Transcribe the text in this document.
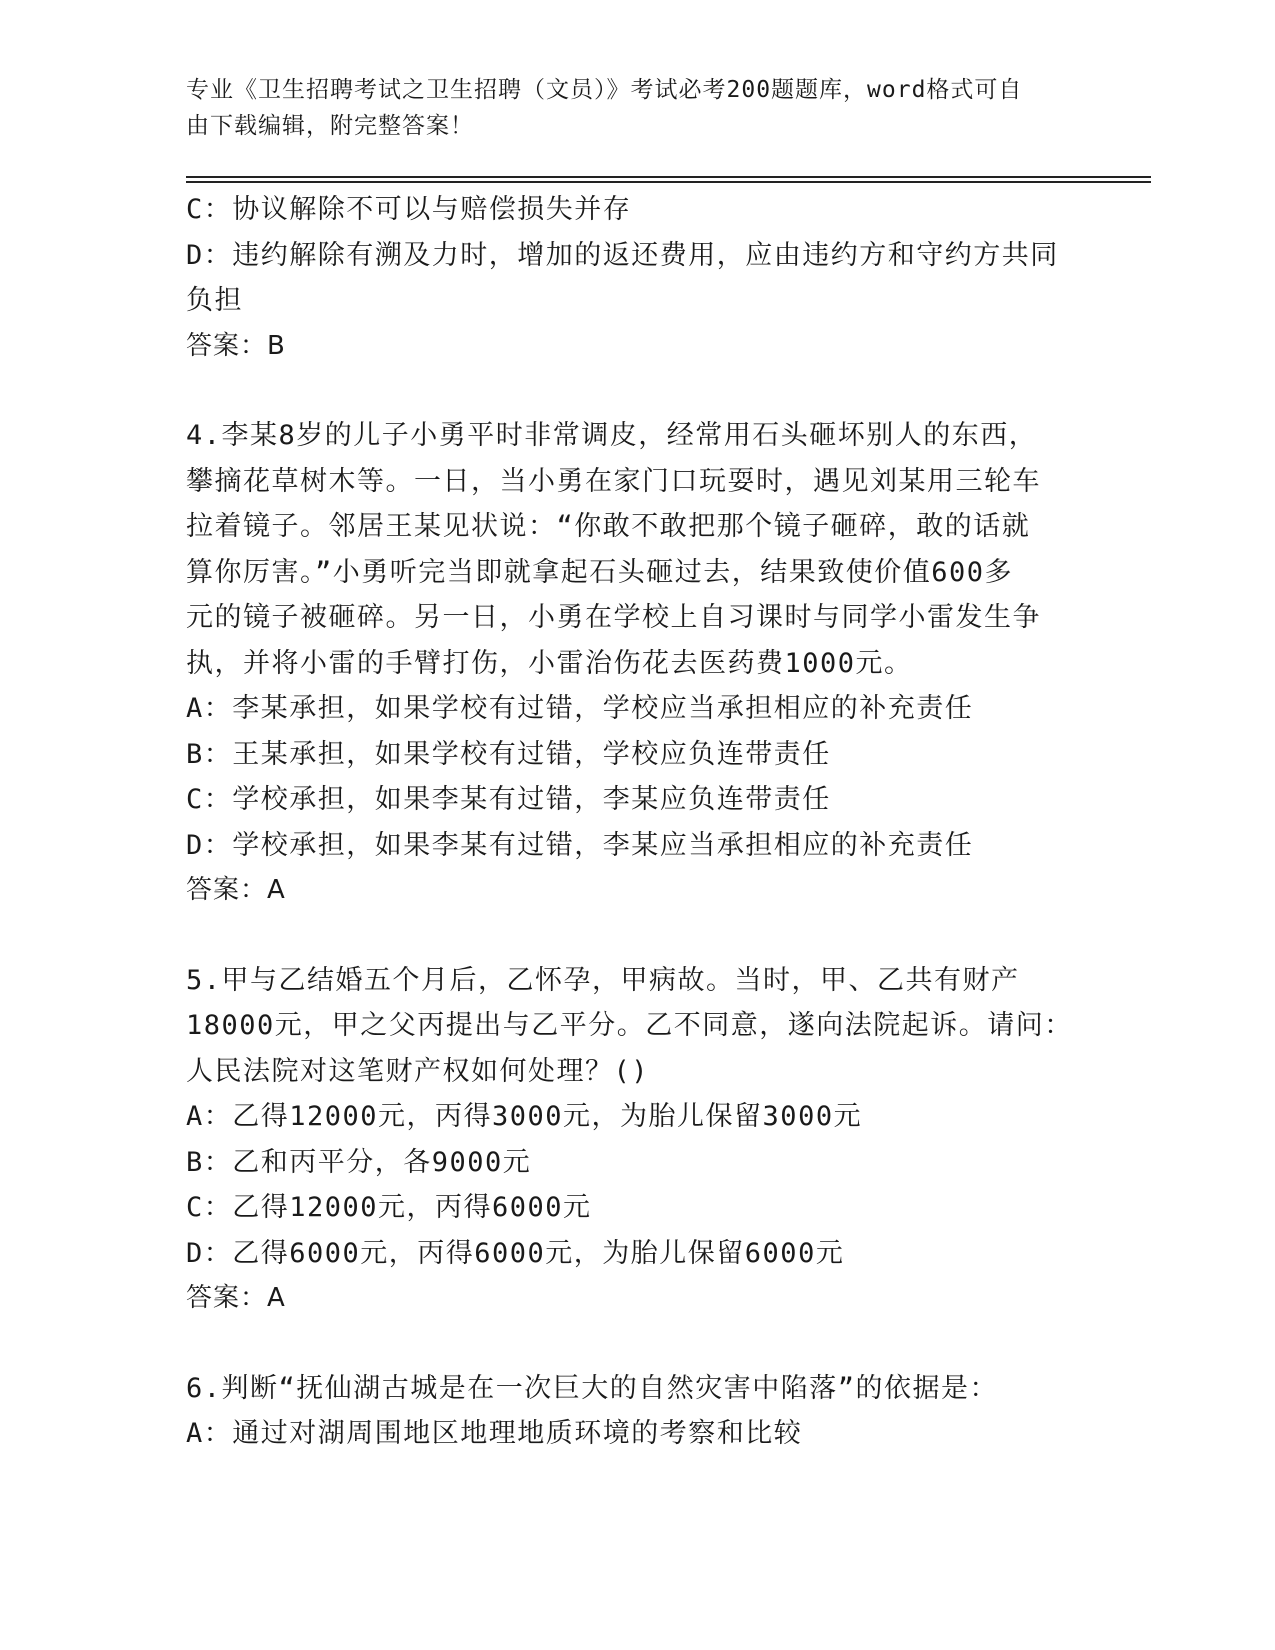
专业《卫生招聘考试之卫生招聘（文员）》考试必考200题题库，word格式可自
由下载编辑，附完整答案！
C：协议解除不可以与赔偿损失并存
D：违约解除有溯及力时，增加的返还费用，应由违约方和守约方共同
负担
答案：B
4.李某8岁的儿子小勇平时非常调皮，经常用石头砸坏别人的东西，
攀摘花草树木等。一日，当小勇在家门口玩耍时，遇见刘某用三轮车
拉着镜子。邻居王某见状说：“你敢不敢把那个镜子砸碎，敢的话就
算你厉害。”小勇听完当即就拿起石头砸过去，结果致使价值600多
元的镜子被砸碎。另一日，小勇在学校上自习课时与同学小雷发生争
执，并将小雷的手臂打伤，小雷治伤花去医药费1000元。
A：李某承担，如果学校有过错，学校应当承担相应的补充责任
B：王某承担，如果学校有过错，学校应负连带责任
C：学校承担，如果李某有过错，李某应负连带责任
D：学校承担，如果李某有过错，李某应当承担相应的补充责任
答案：A
5.甲与乙结婚五个月后，乙怀孕，甲病故。当时，甲、乙共有财产
18000元，甲之父丙提出与乙平分。乙不同意，遂向法院起诉。请问：
人民法院对这笔财产权如何处理？()
A：乙得12000元，丙得3000元，为胎儿保留3000元
B：乙和丙平分，各9000元
C：乙得12000元，丙得6000元
D：乙得6000元，丙得6000元，为胎儿保留6000元
答案：A
6.判断“抚仙湖古城是在一次巨大的自然灾害中陷落”的依据是：
A：通过对湖周围地区地理地质环境的考察和比较
